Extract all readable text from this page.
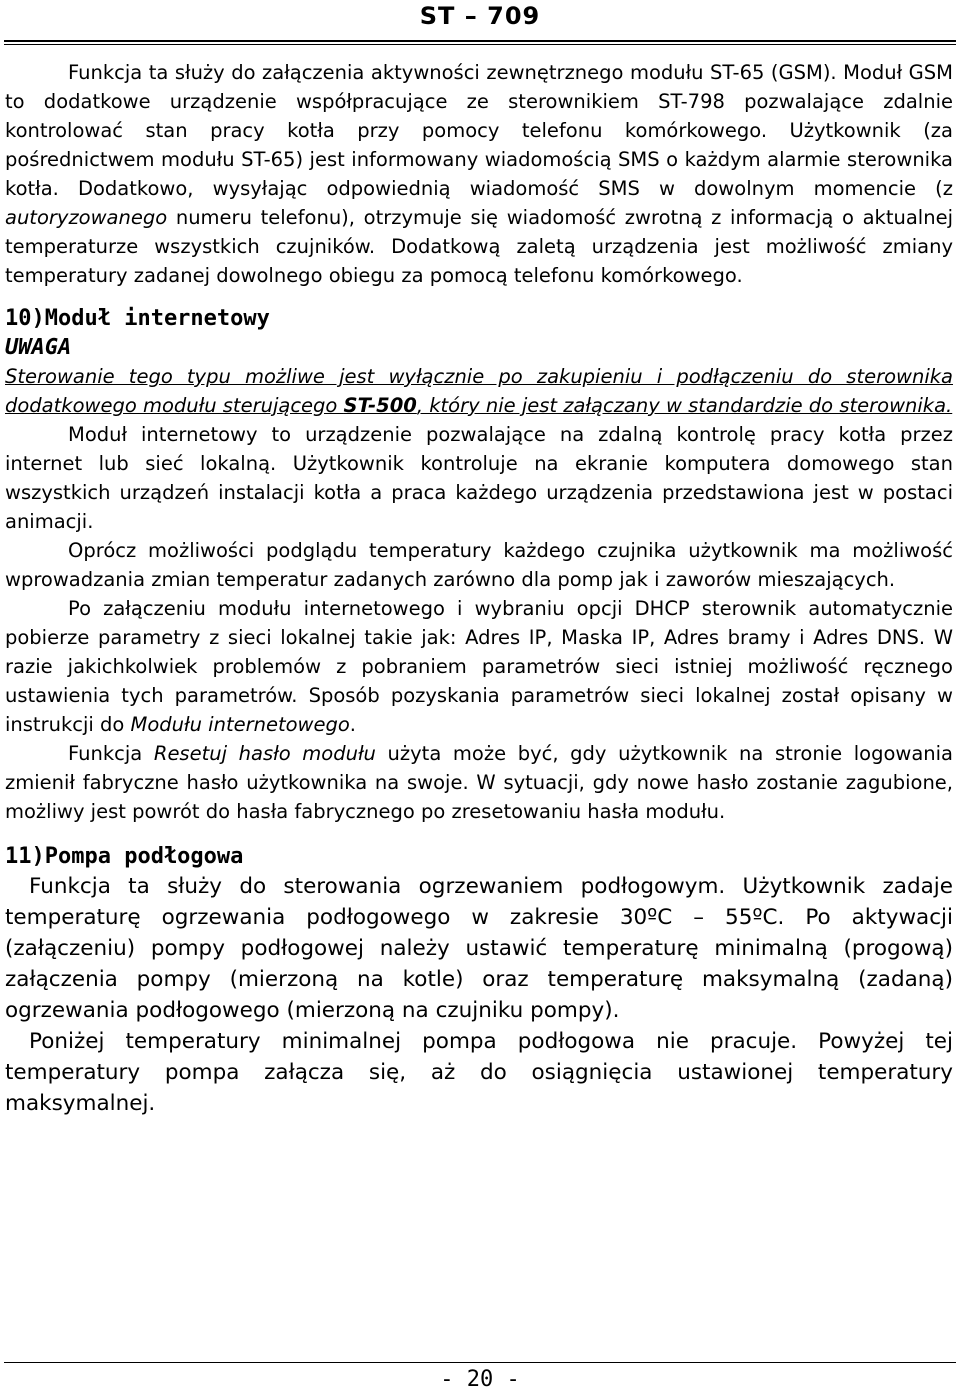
ST – 709

Funkcja ta służy do załączenia aktywności zewnętrznego modułu ST-65 (GSM). Moduł GSM to dodatkowe urządzenie współpracujące ze sterownikiem ST-798 pozwalające zdalnie kontrolować stan pracy kotła przy pomocy telefonu komórkowego. Użytkownik (za pośrednictwem modułu ST-65) jest informowany wiadomością SMS o każdym alarmie sterownika kotła. Dodatkowo, wysyłając odpowiednią wiadomość SMS w dowolnym momencie (z autoryzowanego numeru telefonu), otrzymuje się wiadomość zwrotną z informacją o aktualnej temperaturze wszystkich czujników. Dodatkową zaletą urządzenia jest możliwość zmiany temperatury zadanej dowolnego obiegu za pomocą telefonu komórkowego.

10)Moduł internetowy

UWAGA

Sterowanie tego typu możliwe jest wyłącznie po zakupieniu i podłączeniu do sterownika dodatkowego modułu sterującego ST-500, który nie jest załączany w standardzie do sterownika.

Moduł internetowy to urządzenie pozwalające na zdalną kontrolę pracy kotła przez internet lub sieć lokalną. Użytkownik kontroluje na ekranie komputera domowego stan wszystkich urządzeń instalacji kotła a praca każdego urządzenia przedstawiona jest w postaci animacji.

Oprócz możliwości podglądu temperatury każdego czujnika użytkownik ma możliwość wprowadzania zmian temperatur zadanych zarówno dla pomp jak i zaworów mieszających.

Po załączeniu modułu internetowego i wybraniu opcji DHCP sterownik automatycznie pobierze parametry z sieci lokalnej takie jak: Adres IP, Maska IP, Adres bramy i Adres DNS. W razie jakichkolwiek problemów z pobraniem parametrów sieci istniej możliwość ręcznego ustawienia tych parametrów. Sposób pozyskania parametrów sieci lokalnej został opisany w instrukcji do Modułu internetowego.

Funkcja Resetuj hasło modułu użyta może być, gdy użytkownik na stronie logowania zmienił fabryczne hasło użytkownika na swoje. W sytuacji, gdy nowe hasło zostanie zagubione, możliwy jest powrót do hasła fabrycznego po zresetowaniu hasła modułu.

11)Pompa podłogowa

Funkcja ta służy do sterowania ogrzewaniem podłogowym. Użytkownik zadaje temperaturę ogrzewania podłogowego w zakresie 30ºC – 55ºC. Po aktywacji (załączeniu) pompy podłogowej należy ustawić temperaturę minimalną (progową) załączenia pompy (mierzoną na kotle) oraz temperaturę maksymalną (zadaną) ogrzewania podłogowego (mierzoną na czujniku pompy).

Poniżej temperatury minimalnej pompa podłogowa nie pracuje. Powyżej tej temperatury pompa załącza się, aż do osiągnięcia ustawionej temperatury maksymalnej.

- 20 -
